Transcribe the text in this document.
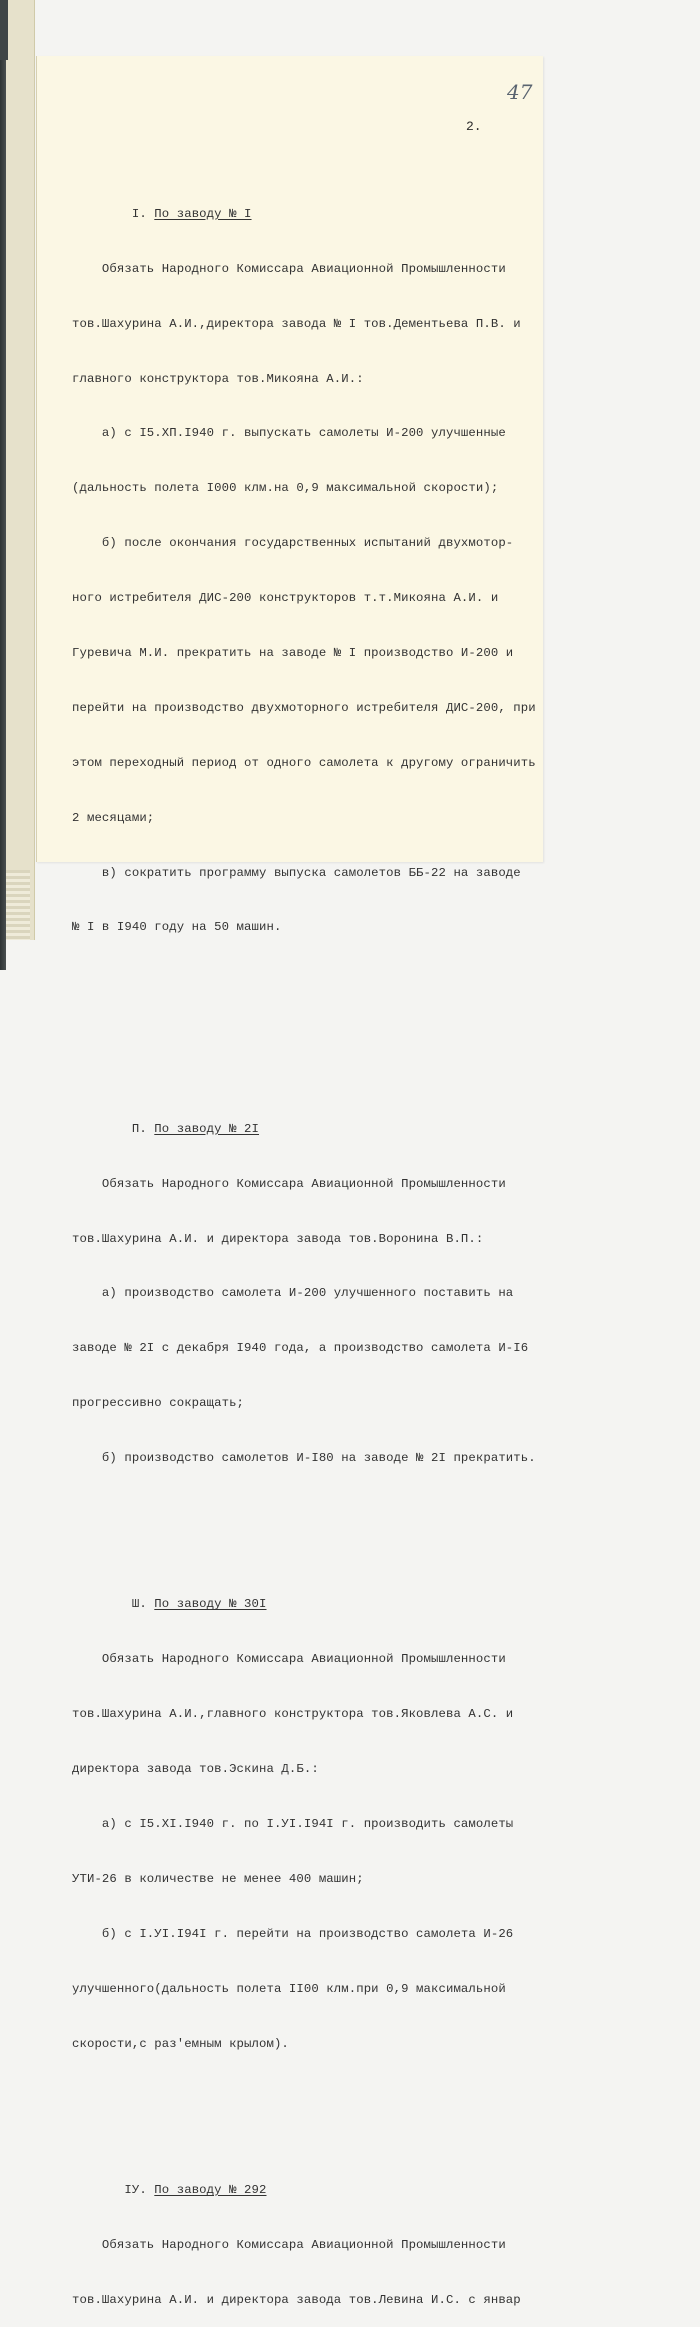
47
2.

I. По заводу № I

Обязать Народного Комиссара Авиационной Промышленности

тов.Шахурина А.И.,директора завода № I тов.Дементьева П.В. и

главного конструктора тов.Микояна А.И.:

а) с I5.XП.I940 г. выпускать самолеты И-200 улучшенные

(дальность полета I000 клм.на 0,9 максимальной скорости);

б) после окончания государственных испытаний двухмотор-

ного истребителя ДИС-200 конструкторов т.т.Микояна А.И. и

Гуревича М.И. прекратить на заводе № I производство И-200 и

перейти на производство двухмоторного истребителя ДИС-200, при

этом переходный период от одного самолета к другому ограничить

2 месяцами;

в) сократить программу выпуска самолетов ББ-22 на заводе

№ I в I940 году на 50 машин.

П. По заводу № 2I

Обязать Народного Комиссара Авиационной Промышленности

тов.Шахурина А.И. и директора завода тов.Воронина В.П.:

а) производство самолета И-200 улучшенного поставить на

заводе № 2I с декабря I940 года, а производство самолета И-I6

прогрессивно сокращать;

б) производство самолетов И-I80 на заводе № 2I прекратить.

Ш. По заводу № 30I

Обязать Народного Комиссара Авиационной Промышленности

тов.Шахурина А.И.,главного конструктора тов.Яковлева А.С. и

директора завода тов.Эскина Д.Б.:

а) с I5.XI.I940 г. по I.УI.I94I г. производить самолеты

УТИ-26 в количестве не менее 400 машин;

б) с I.УI.I94I г. перейти на производство самолета И-26

улучшенного(дальность полета II00 клм.при 0,9 максимальной

скорости,с раз'емным крылом).

IУ. По заводу № 292

Обязать Народного Комиссара Авиационной Промышленности

тов.Шахурина А.И. и директора завода тов.Левина И.С. с январ
